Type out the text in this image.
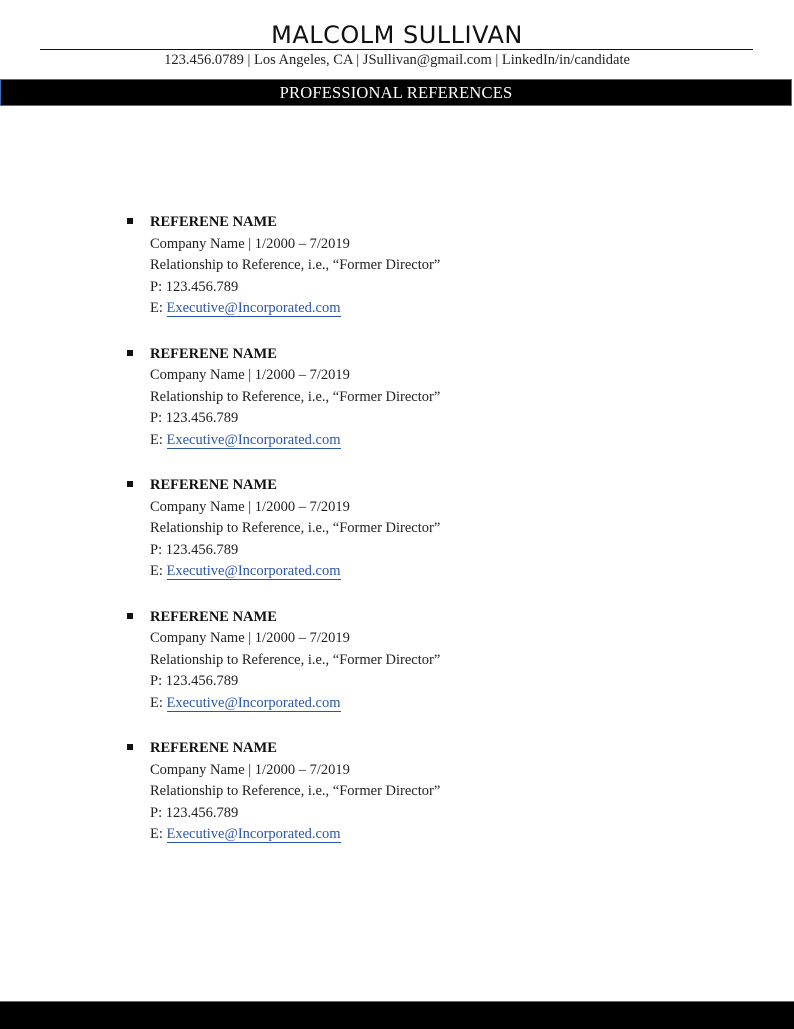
MALCOLM SULLIVAN
123.456.0789 | Los Angeles, CA | JSullivan@gmail.com | LinkedIn/in/candidate
PROFESSIONAL REFERENCES
REFERENE NAME
Company Name | 1/2000 – 7/2019
Relationship to Reference, i.e., “Former Director”
P: 123.456.789
E: Executive@Incorporated.com
REFERENE NAME
Company Name | 1/2000 – 7/2019
Relationship to Reference, i.e., “Former Director”
P: 123.456.789
E: Executive@Incorporated.com
REFERENE NAME
Company Name | 1/2000 – 7/2019
Relationship to Reference, i.e., “Former Director”
P: 123.456.789
E: Executive@Incorporated.com
REFERENE NAME
Company Name | 1/2000 – 7/2019
Relationship to Reference, i.e., “Former Director”
P: 123.456.789
E: Executive@Incorporated.com
REFERENE NAME
Company Name | 1/2000 – 7/2019
Relationship to Reference, i.e., “Former Director”
P: 123.456.789
E: Executive@Incorporated.com
